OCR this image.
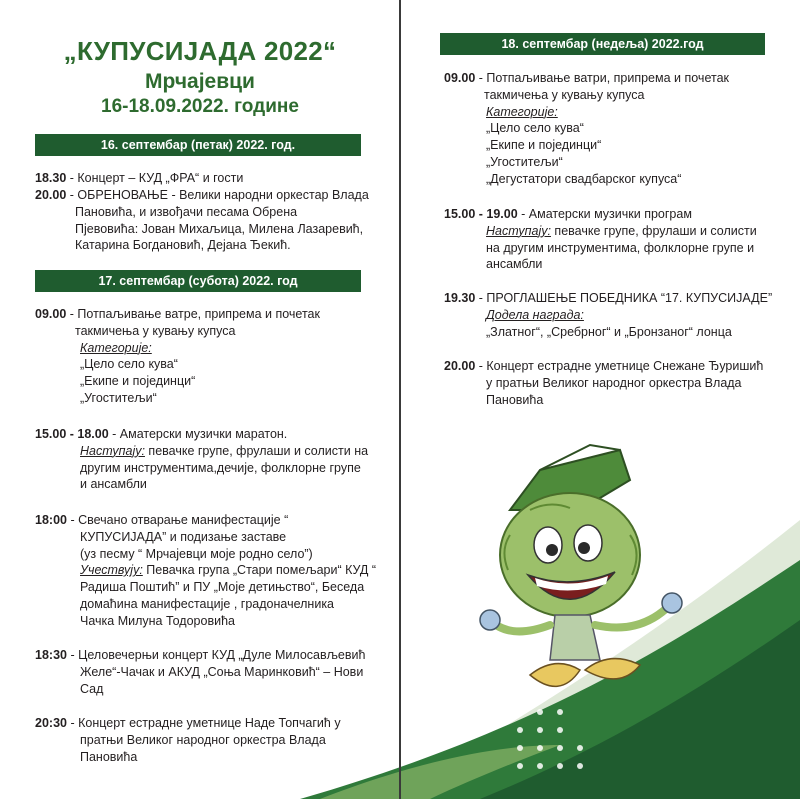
„КУПУСИЈАДА 2022“
Мрчајевци
16-18.09.2022. године
16. септембар (петак) 2022. год.
18.30
- Концерт – КУД „ФРА“ и гости
20.00
- ОБРЕНОВАЊЕ - Велики народни оркестар Влада
Пановића, и извођачи песама Обрена
Пјевовића: Јован Михаљица, Милена Лазаревић,
Катарина Богдановић, Дејана Ђекић.
17. септембар (субота) 2022. год
09.00
- Потпаљивање ватре, припрема и почетак
такмичења у кувању купуса
Категорије:
„Цело село кува“
„Екипе и појединци“
„Угоститељи“
15.00 - 18.00
- Аматерски музички маратон.
Наступају: певачке групе, фрулаши и солисти на
другим инструментима,дечије, фолклорне групе
и ансамбли
18:00
- Свечано отварање манифестације “
КУПУСИЈАДА” и подизање заставе
(уз песму “ Мрчајевци моје родно село”)
Учествују: Певачка група „Стари помељари“ КУД “
Радиша Поштић” и ПУ „Моје детињство“, Беседа
домаћина манифестације , градоначелника
Чачка Милуна Тодоровића
18:30
- Целовечерњи концерт КУД „Дуле Милосављевић
Желе“-Чачак и АКУД „Соња Маринковић“ – Нови
Сад
20:30
- Концерт естрадне уметнице Наде Топчагић у
пратњи Великог народног оркестра Влада
Пановића
18. септембар (недеља) 2022.год
09.00
- Потпаљивање ватри, припрема и почетак
такмичења у кувању купуса
Категорије:
„Цело село кува“
„Екипе и појединци“
„Угоститељи“
„Дегустатори свадбарског купуса“
15.00 - 19.00
- Аматерски музички програм
Наступају: певачке групе, фрулаши и солисти
на другим инструментима, фолклорне групе и
ансамбли
19.30
- ПРОГЛАШЕЊЕ ПОБЕДНИКА “17. КУПУСИЈАДЕ”
Додела награда:
„Златног“, „Сребрног“ и „Бронзаног“ лонца
20.00
- Концерт естрадне уметнице Снежане Ђуришић
у пратњи Великог народног оркестра Влада
Пановића
